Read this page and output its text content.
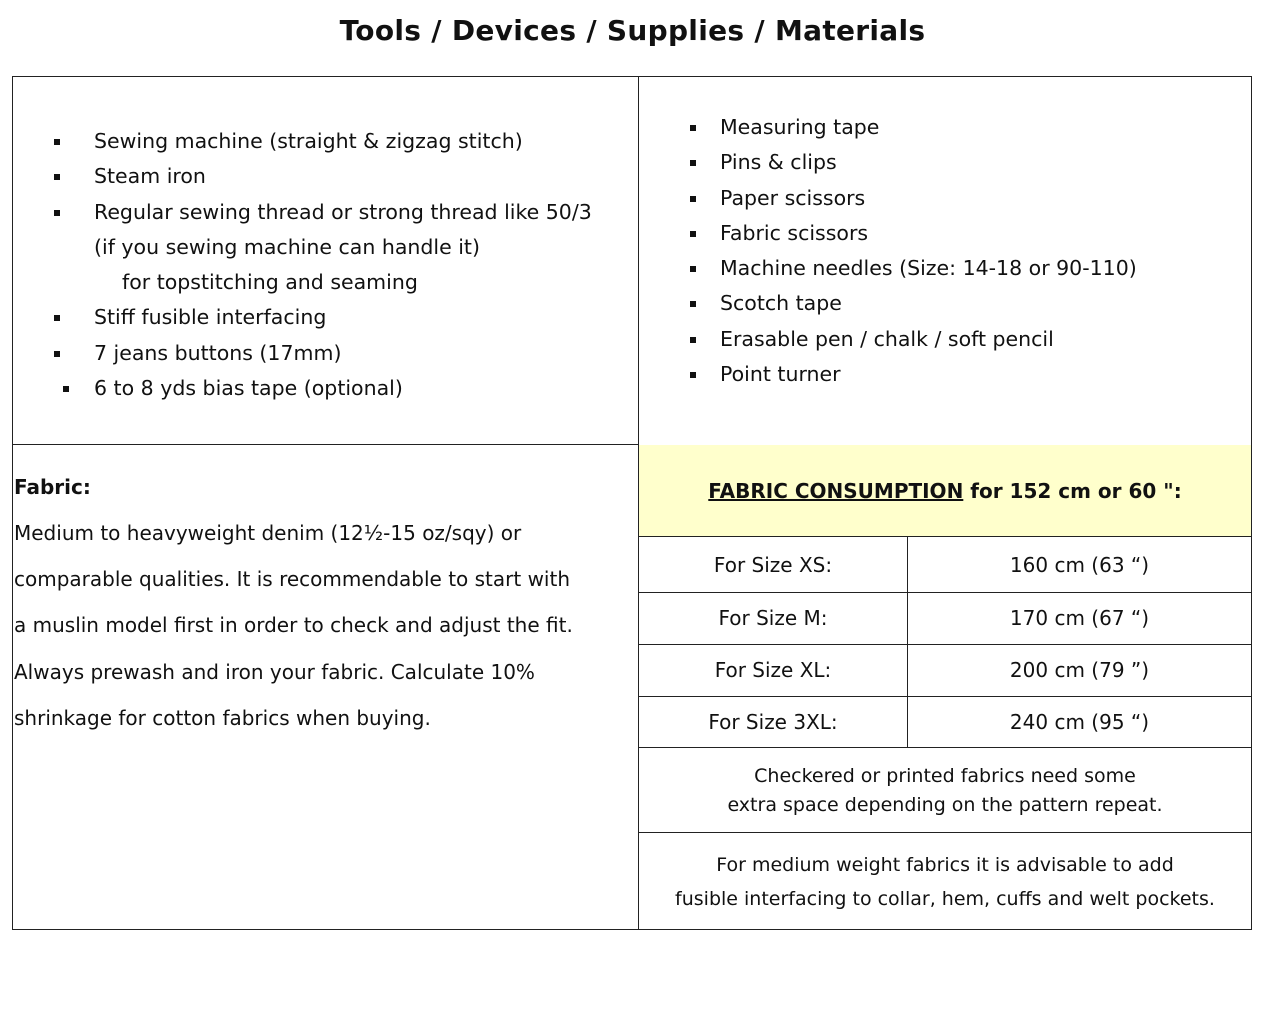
Tools / Devices / Supplies / Materials
Sewing machine (straight & zigzag stitch)
Steam iron
Regular sewing thread or strong thread like 50/3
(if you sewing machine can handle it)
for topstitching and seaming
Stiff fusible interfacing
7 jeans buttons (17mm)
6 to 8 yds bias tape (optional)
Measuring tape
Pins & clips
Paper scissors
Fabric scissors
Machine needles (Size: 14-18 or 90-110)
Scotch tape
Erasable pen / chalk / soft pencil
Point turner
FABRIC CONSUMPTION for 152 cm or 60 ":
For Size XS:	160 cm (63 “)
For Size M:	170 cm (67 “)
For Size XL:	200 cm (79 ”)
For Size 3XL:	240 cm (95 “)
Checkered or printed fabrics need some
extra space depending on the pattern repeat.
For medium weight fabrics it is advisable to add
fusible interfacing to collar, hem, cuffs and welt pockets.
Fabric:
Medium to heavyweight denim (12½-15 oz/sqy) or
comparable qualities. It is recommendable to start with
a muslin model first in order to check and adjust the fit.
Always prewash and iron your fabric. Calculate 10%
shrinkage for cotton fabrics when buying.
